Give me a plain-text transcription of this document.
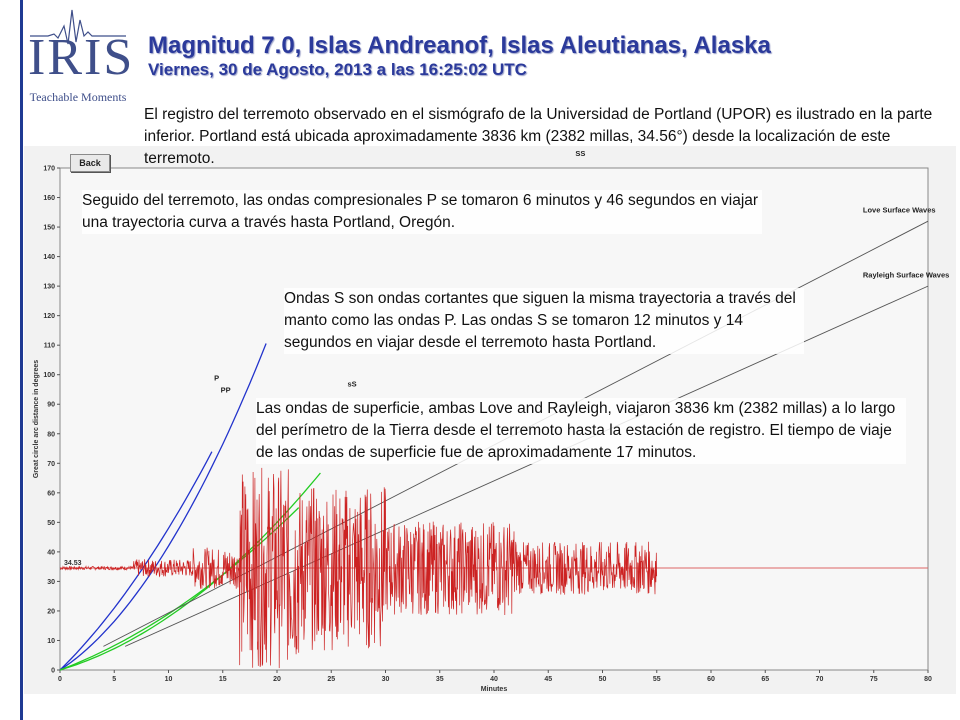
IRIS
Teachable Moments
Magnitud 7.0, Islas Andreanof, Islas Aleutianas, Alaska
Viernes, 30 de Agosto, 2013 a las 16:25:02 UTC
0
10
20
30
40
50
60
70
80
90
100
110
120
130
140
150
160
170
0	5	10	15	20	25	30	35	40	45	50	55	60	65	70	75	80
Minutes
Great circle arc distance in degrees
34.53
Love Surface Waves
Rayleigh Surface Waves
P
PP
sS
SS
Back
El registro del terremoto observado en el sismógrafo de la Universidad de Portland (UPOR) es ilustrado en la parte inferior. Portland está ubicada aproximadamente 3836 km (2382 millas, 34.56°) desde la localización de este terremoto.
Seguido del terremoto, las ondas compresionales P se tomaron 6 minutos y 46 segundos en viajar una trayectoria curva a través hasta Portland, Oregón.
Ondas S son ondas cortantes que siguen la misma trayectoria a través del manto como las ondas P. Las ondas S se tomaron 12 minutos y 14 segundos en viajar desde el terremoto hasta Portland.
Las ondas de superficie, ambas Love and Rayleigh, viajaron 3836 km (2382 millas) a lo largo del perímetro de la Tierra desde el terremoto hasta la estación de registro. El tiempo de viaje de las ondas de superficie fue de aproximadamente 17 minutos.
